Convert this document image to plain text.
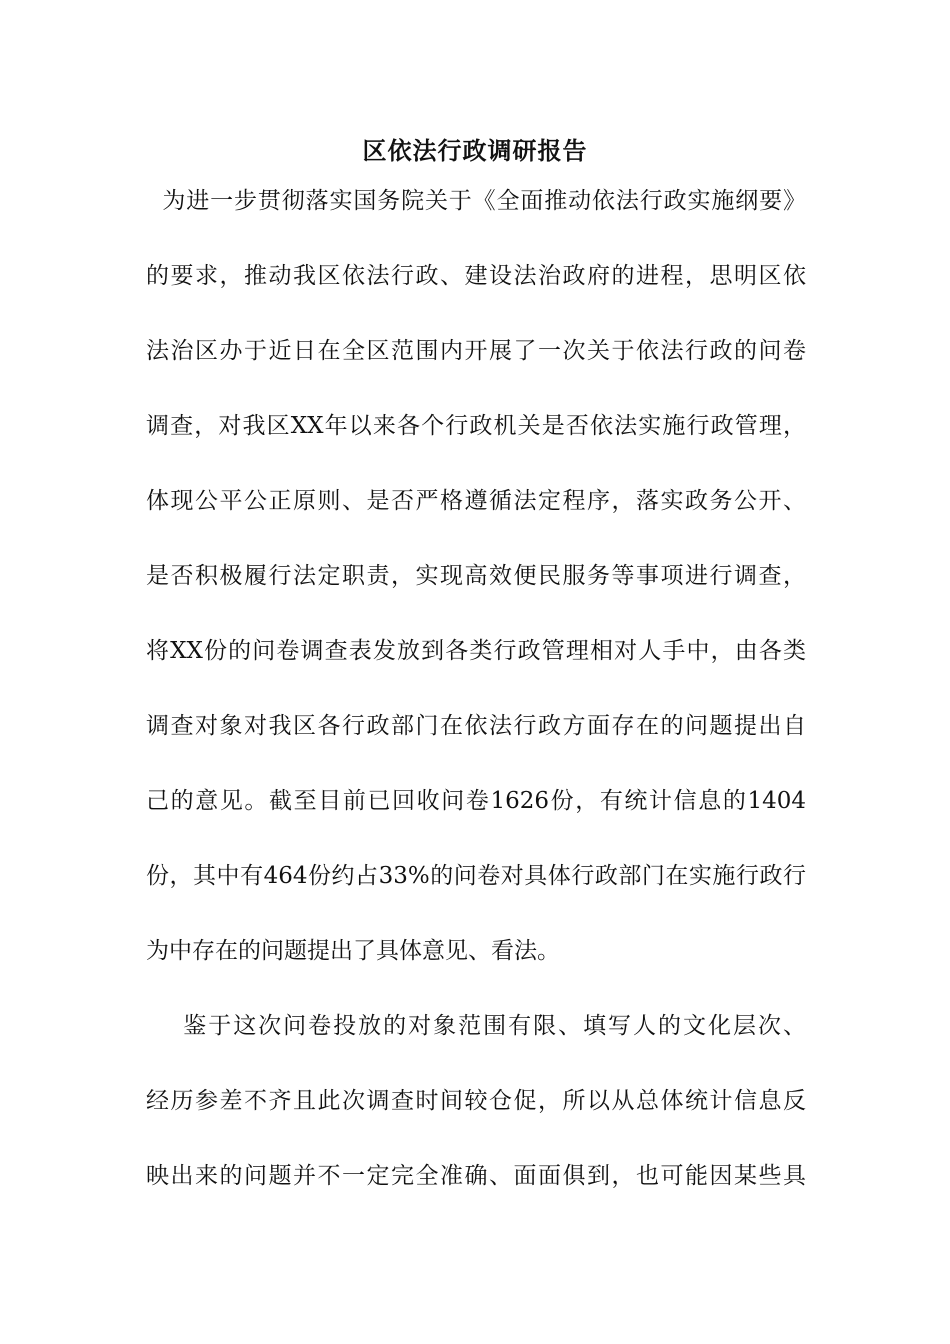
区依法行政调研报告
为进一步贯彻落实国务院关于《全面推动依法行政实施纲要》
的要求，推动我区依法行政、建设法治政府的进程，思明区依
法治区办于近日在全区范围内开展了一次关于依法行政的问卷
调查，对我区XX年以来各个行政机关是否依法实施行政管理，
体现公平公正原则、是否严格遵循法定程序，落实政务公开、
是否积极履行法定职责，实现高效便民服务等事项进行调查，
将XX份的问卷调查表发放到各类行政管理相对人手中，由各类
调查对象对我区各行政部门在依法行政方面存在的问题提出自
己的意见。截至目前已回收问卷1626份，有统计信息的1404
份，其中有464份约占33%的问卷对具体行政部门在实施行政行
为中存在的问题提出了具体意见、看法。
鉴于这次问卷投放的对象范围有限、填写人的文化层次、
经历参差不齐且此次调查时间较仓促，所以从总体统计信息反
映出来的问题并不一定完全准确、面面俱到，也可能因某些具
